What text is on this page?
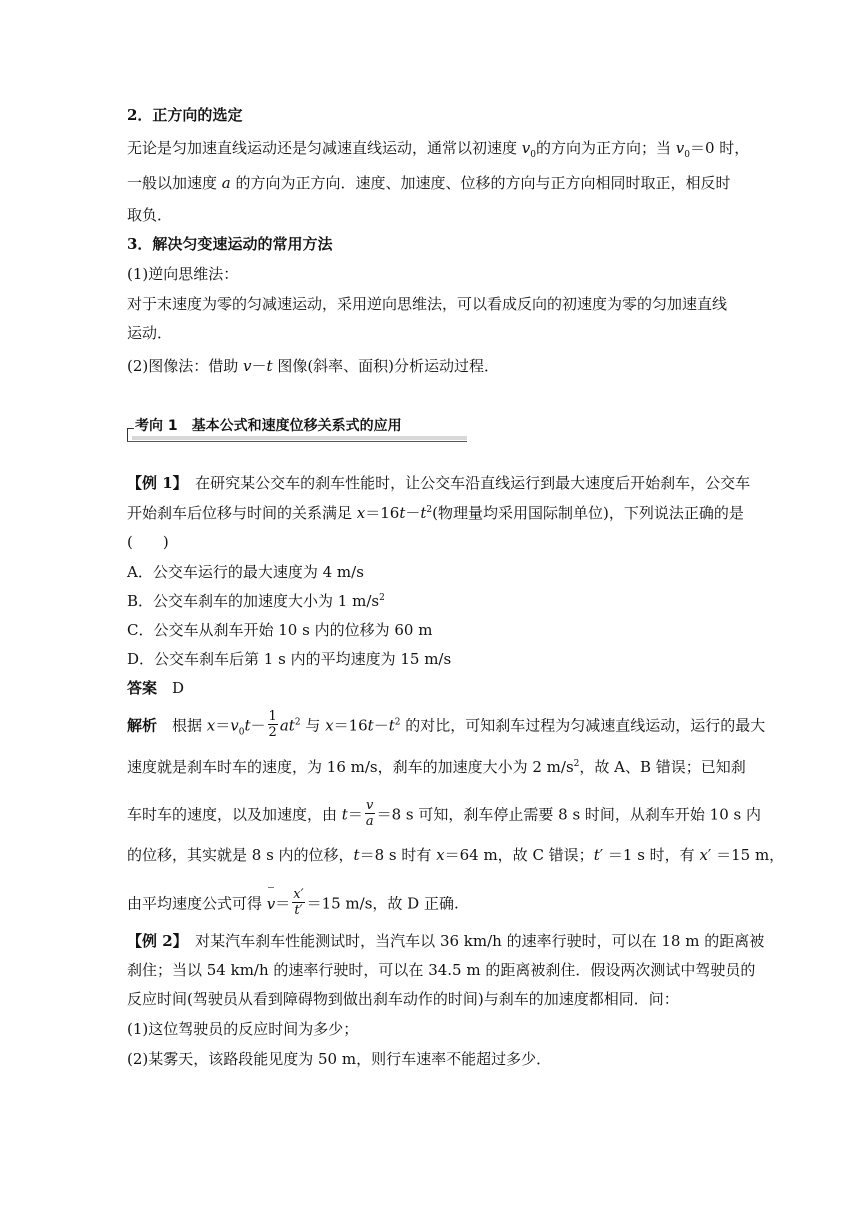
2．正方向的选定
无论是匀加速直线运动还是匀减速直线运动，通常以初速度 $v_0$的方向为正方向；当 $v_0=0$ 时，
一般以加速度 a 的方向为正方向．速度、加速度、位移的方向与正方向相同时取正，相反时
取负．
3．解决匀变速运动的常用方法
(1)逆向思维法：
对于末速度为零的匀减速运动，采用逆向思维法，可以看成反向的初速度为零的匀加速直线
运动．
(2)图像法：借助 v－t 图像(斜率、面积)分析运动过程．
考向 1　基本公式和速度位移关系式的应用
【例 1】　在研究某公交车的刹车性能时，让公交车沿直线运行到最大速度后开始刹车，公交车
开始刹车后位移与时间的关系满足 $x=16t-t^2$(物理量均采用国际制单位)，下列说法正确的是
(　　)
A．公交车运行的最大速度为 4 m/s
B．公交车刹车的加速度大小为 1 $m/s^2$
C．公交车从刹车开始 10 s 内的位移为 60 m
D．公交车刹车后第 1 s 内的平均速度为 15 m/s
答案　D
解析　根据 $x=v_0t- \frac{1}{2} at^2$ 与 $x=16t-t^2$ 的对比，可知刹车过程为匀减速直线运动，运行的最大
速度就是刹车时车的速度，为 16 m/s，刹车的加速度大小为 2 $m/s^2$，故 A、B 错误；已知刹
车时车的速度，以及加速度，由 $t= \frac{v}{a} =8$ s 可知，刹车停止需要 8 s 时间，从刹车开始 10 s 内
的位移，其实就是 8 s 内的位移，t＝8 s 时有 x＝64 m，故 C 错误；t′ ＝1 s 时，有 x′ ＝15 m，
由平均速度公式可得 $v= \frac{x'}{t'} =15$ m/s，故 D 正确.
【例 2】　对某汽车刹车性能测试时，当汽车以 36 km/h 的速率行驶时，可以在 18 m 的距离被
刹住；当以 54 km/h 的速率行驶时，可以在 34.5 m 的距离被刹住．假设两次测试中驾驶员的
反应时间(驾驶员从看到障碍物到做出刹车动作的时间)与刹车的加速度都相同．问：
(1)这位驾驶员的反应时间为多少；
(2)某雾天，该路段能见度为 50 m，则行车速率不能超过多少．
